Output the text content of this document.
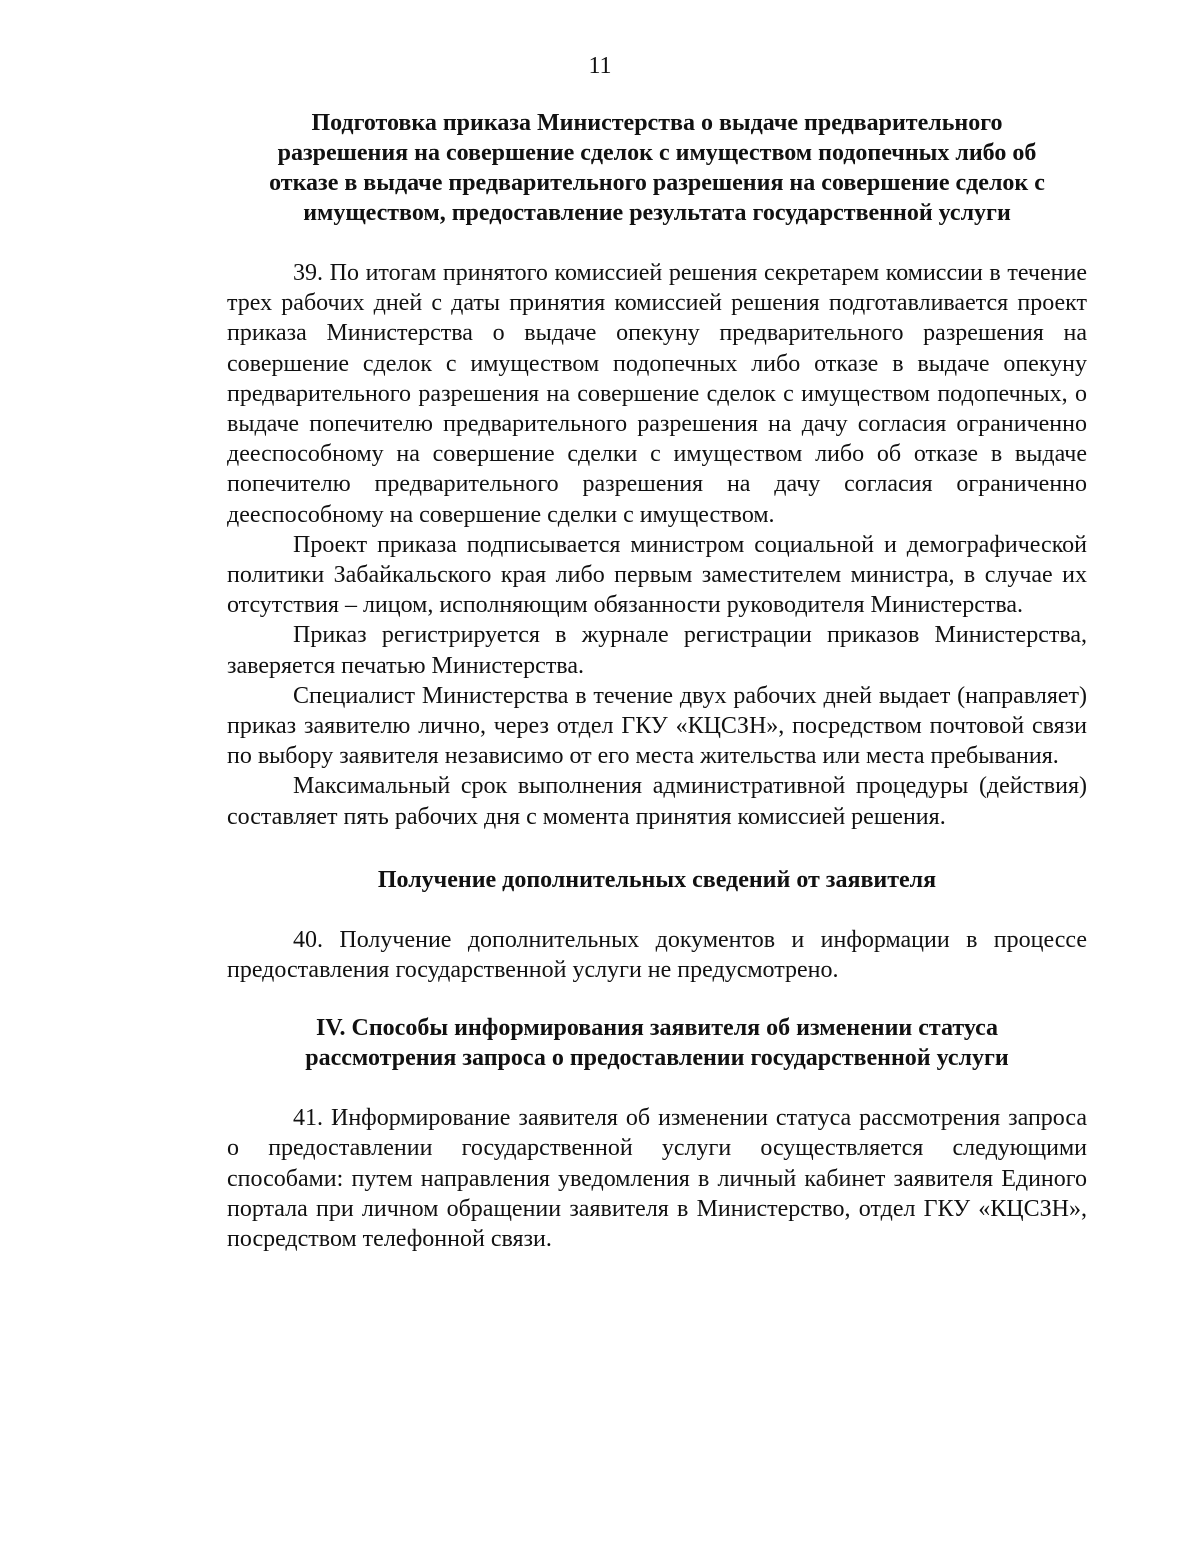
11
Подготовка приказа Министерства о выдаче предварительного
разрешения на совершение сделок с имуществом подопечных либо об
отказе в выдаче предварительного разрешения на совершение сделок с
имуществом, предоставление результата государственной услуги

39. По итогам принятого комиссией решения секретарем комиссии в течение трех рабочих дней с даты принятия комиссией решения подготавливается проект приказа Министерства о выдаче опекуну предварительного разрешения на совершение сделок с имуществом подопечных либо отказе в выдаче опекуну предварительного разрешения на совершение сделок с имуществом подопечных, о выдаче попечителю предварительного разрешения на дачу согласия ограниченно дееспособному на совершение сделки с имуществом либо об отказе в выдаче попечителю предварительного разрешения на дачу согласия ограниченно дееспособному на совершение сделки с имуществом.

Проект приказа подписывается министром социальной и демографической политики Забайкальского края либо первым заместителем министра, в случае их отсутствия – лицом, исполняющим обязанности руководителя Министерства.

Приказ регистрируется в журнале регистрации приказов Министерства, заверяется печатью Министерства.

Специалист Министерства в течение двух рабочих дней выдает (направляет) приказ заявителю лично, через отдел ГКУ «КЦСЗН», посредством почтовой связи по выбору заявителя независимо от его места жительства или места пребывания.

Максимальный срок выполнения административной процедуры (действия) составляет пять рабочих дня с момента принятия комиссией решения.

Получение дополнительных сведений от заявителя

40. Получение дополнительных документов и информации в процессе предоставления государственной услуги не предусмотрено.

IV. Способы информирования заявителя об изменении статуса
рассмотрения запроса о предоставлении государственной услуги

41. Информирование заявителя об изменении статуса рассмотрения запроса о предоставлении государственной услуги осуществляется следующими способами: путем направления уведомления в личный кабинет заявителя Единого портала при личном обращении заявителя в Министерство, отдел ГКУ «КЦСЗН», посредством телефонной связи.
